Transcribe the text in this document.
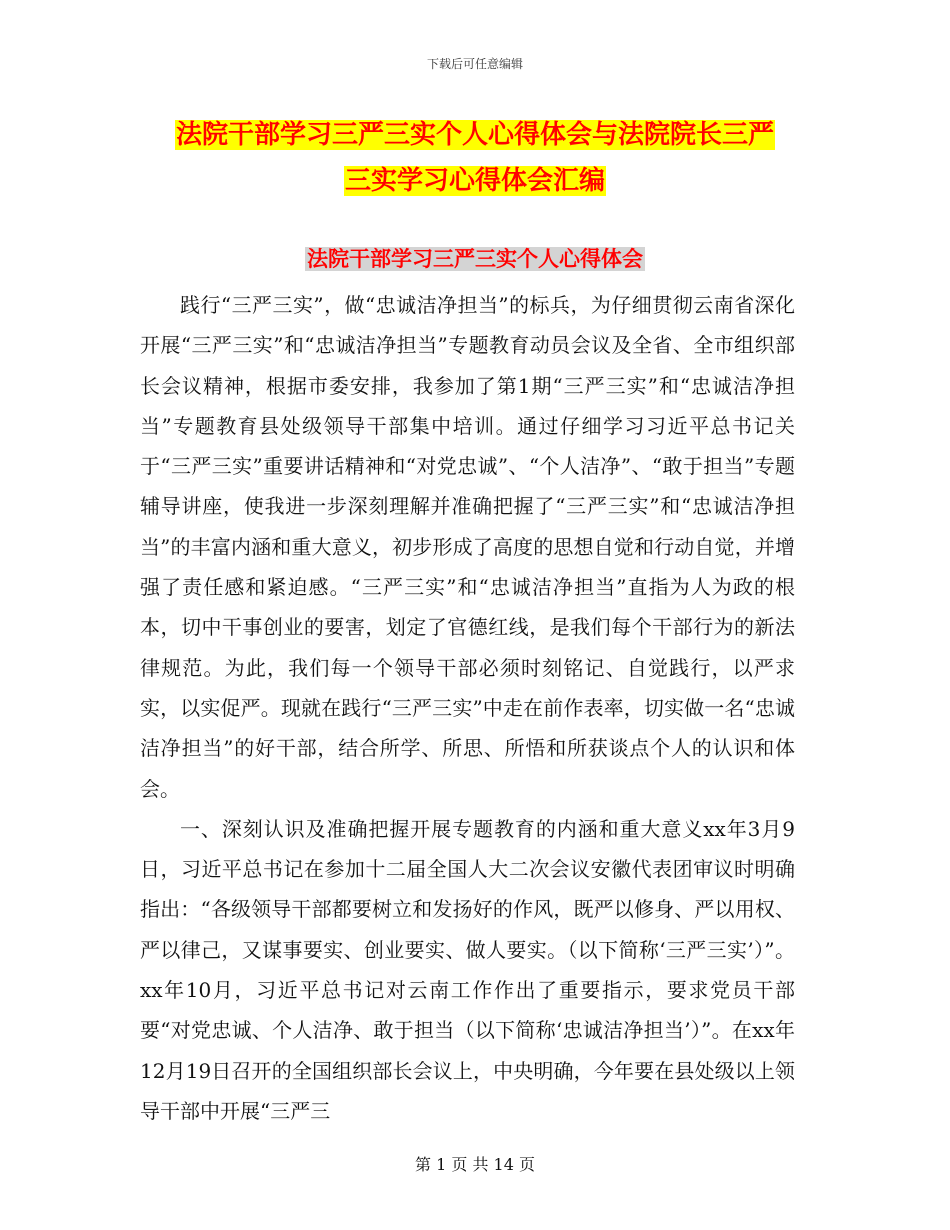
下载后可任意编辑
法院干部学习三严三实个人心得体会与法院院长三严
三实学习心得体会汇编
法院干部学习三严三实个人心得体会

践行“三严三实”，做“忠诚洁净担当”的标兵，为仔细贯彻云南省深化开展“三严三实”和“忠诚洁净担当”专题教育动员会议及全省、全市组织部长会议精神，根据市委安排，我参加了第1期“三严三实”和“忠诚洁净担当”专题教育县处级领导干部集中培训。通过仔细学习习近平总书记关于“三严三实”重要讲话精神和“对党忠诚”、“个人洁净”、“敢于担当”专题辅导讲座，使我进一步深刻理解并准确把握了“三严三实”和“忠诚洁净担当”的丰富内涵和重大意义，初步形成了高度的思想自觉和行动自觉，并增强了责任感和紧迫感。“三严三实”和“忠诚洁净担当”直指为人为政的根本，切中干事创业的要害，划定了官德红线，是我们每个干部行为的新法律规范。为此，我们每一个领导干部必须时刻铭记、自觉践行，以严求实，以实促严。现就在践行“三严三实”中走在前作表率，切实做一名“忠诚洁净担当”的好干部，结合所学、所思、所悟和所获谈点个人的认识和体会。

一、深刻认识及准确把握开展专题教育的内涵和重大意义xx年3月9日，习近平总书记在参加十二届全国人大二次会议安徽代表团审议时明确指出：“各级领导干部都要树立和发扬好的作风，既严以修身、严以用权、严以律己，又谋事要实、创业要实、做人要实。（以下简称‘三严三实’）”。xx年10月，习近平总书记对云南工作作出了重要指示，要求党员干部要“对党忠诚、个人洁净、敢于担当（以下简称‘忠诚洁净担当’）”。在xx年12月19日召开的全国组织部长会议上，中央明确，今年要在县处级以上领导干部中开展“三严三

第 1 页 共 14 页
